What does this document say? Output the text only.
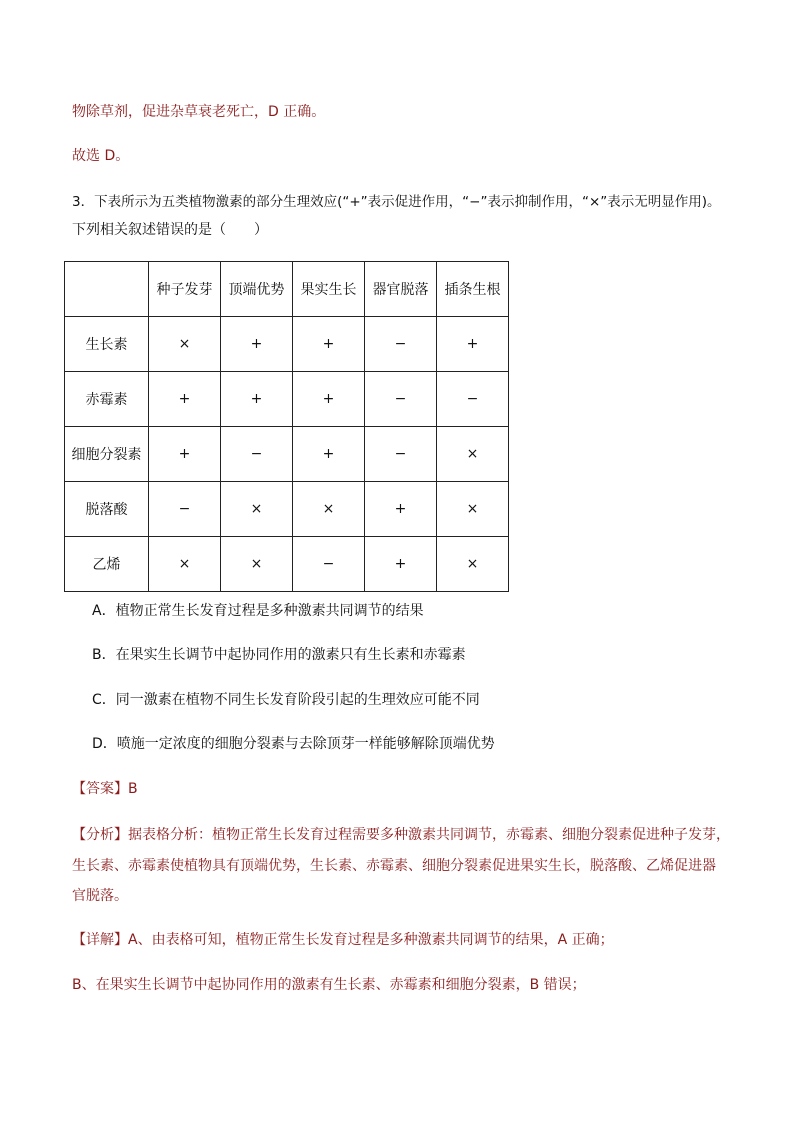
物除草剂，促进杂草衰老死亡，D 正确。
故选 D。
3．下表所示为五类植物激素的部分生理效应(“+”表示促进作用，“−”表示抑制作用，“×”表示无明显作用)。
下列相关叙述错误的是（　　）
	种子发芽	顶端优势	果实生长	器官脱落	插条生根
生长素	×	+	+	−	+
赤霉素	+	+	+	−	−
细胞分裂素	+	−	+	−	×
脱落酸	−	×	×	+	×
乙烯	×	×	−	+	×
A．植物正常生长发育过程是多种激素共同调节的结果
B．在果实生长调节中起协同作用的激素只有生长素和赤霉素
C．同一激素在植物不同生长发育阶段引起的生理效应可能不同
D．喷施一定浓度的细胞分裂素与去除顶芽一样能够解除顶端优势
【答案】B
【分析】据表格分析：植物正常生长发育过程需要多种激素共同调节，赤霉素、细胞分裂素促进种子发芽，
生长素、赤霉素使植物具有顶端优势，生长素、赤霉素、细胞分裂素促进果实生长，脱落酸、乙烯促进器
官脱落。
【详解】A、由表格可知，植物正常生长发育过程是多种激素共同调节的结果，A 正确；
B、在果实生长调节中起协同作用的激素有生长素、赤霉素和细胞分裂素，B 错误；
